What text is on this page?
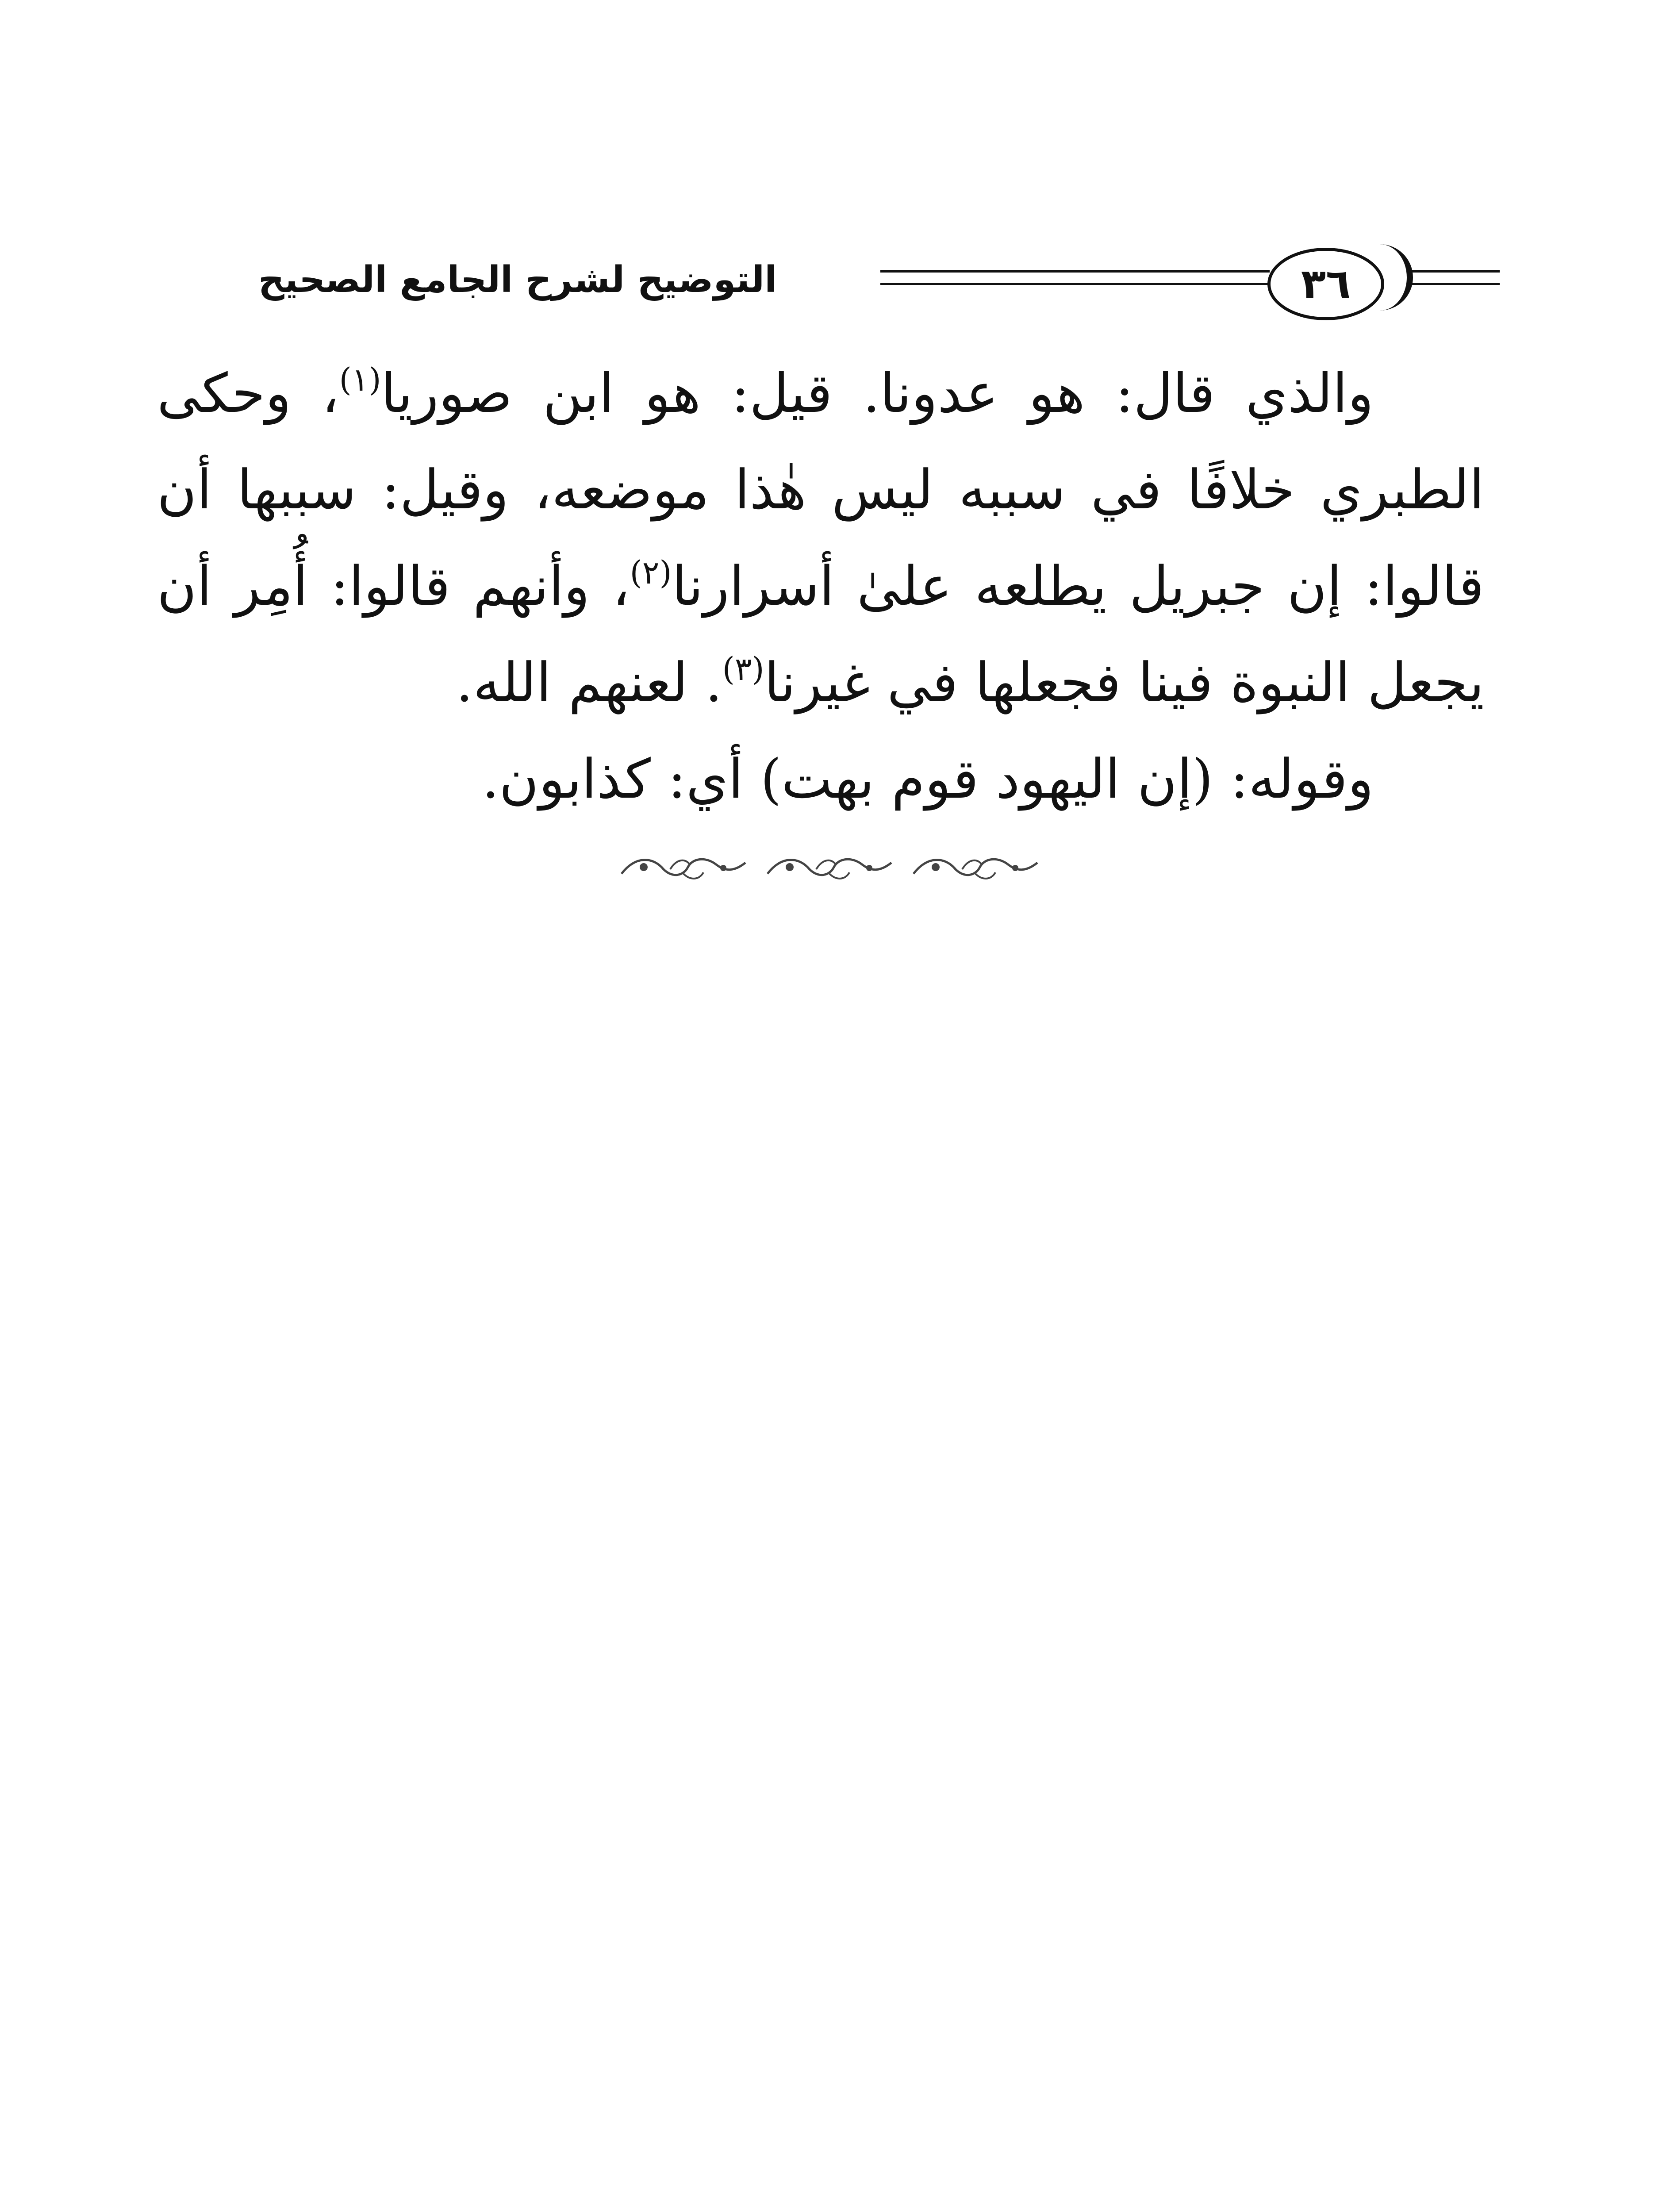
التوضيح لشرح الجامع الصحيح	٣٦

والذي قال: هو عدونا. قيل: هو ابن صوريا$^{(١)}$، وحكى الطبري خلافًا في سببه ليس هٰذا موضعه، وقيل: سببها أن قالوا: إن جبريل يطلعه علىٰ أسرارنا$^{(٢)}$، وأنهم قالوا: أُمِر أن يجعل النبوة فينا فجعلها في غيرنا$^{(٣)}$. لعنهم الله.

وقوله: (إن اليهود قوم بهت) أي: كذابون.
